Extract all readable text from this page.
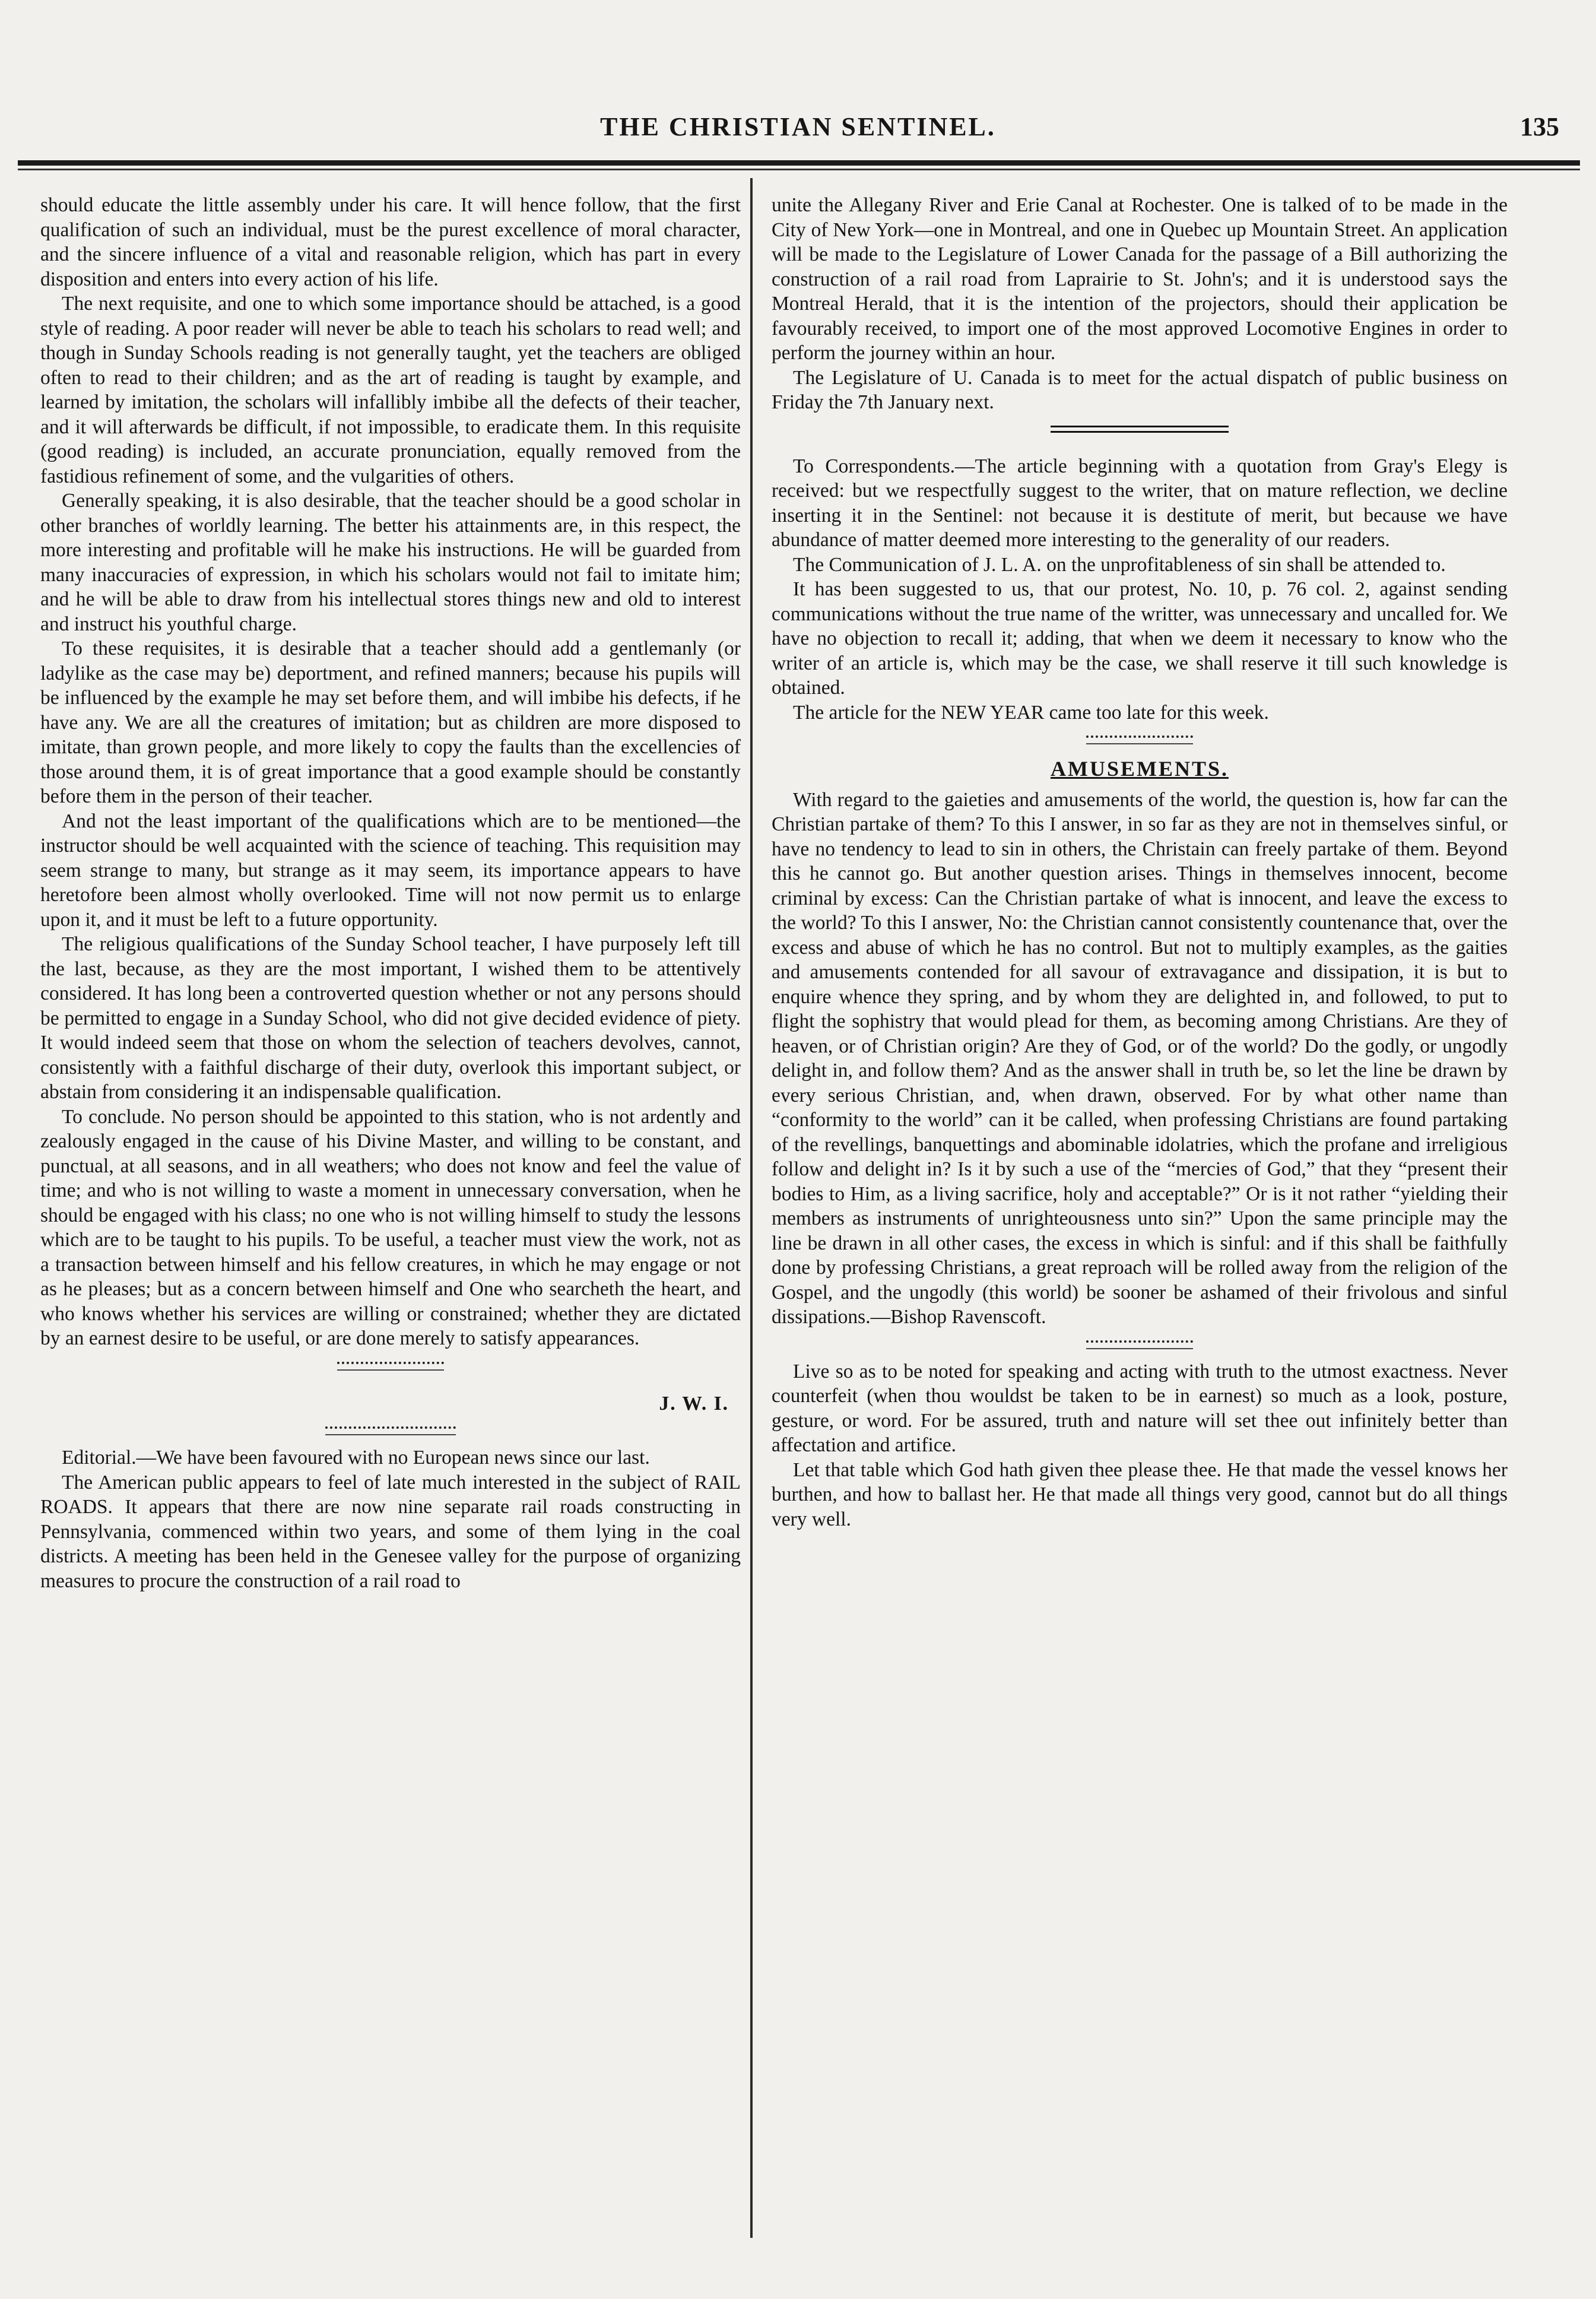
THE CHRISTIAN SENTINEL.	135

should educate the little assembly under his care. It will hence follow, that the first qualification of such an individual, must be the purest excellence of moral character, and the sincere influence of a vital and reasonable religion, which has part in every disposition and enters into every action of his life.

The next requisite, and one to which some importance should be attached, is a good style of reading. A poor reader will never be able to teach his scholars to read well; and though in Sunday Schools reading is not generally taught, yet the teachers are obliged often to read to their children; and as the art of reading is taught by example, and learned by imitation, the scholars will infallibly imbibe all the defects of their teacher, and it will afterwards be difficult, if not impossible, to eradicate them. In this requisite (good reading) is included, an accurate pronunciation, equally removed from the fastidious refinement of some, and the vulgarities of others.

Generally speaking, it is also desirable, that the teacher should be a good scholar in other branches of worldly learning. The better his attainments are, in this respect, the more interesting and profitable will he make his instructions. He will be guarded from many inaccuracies of expression, in which his scholars would not fail to imitate him; and he will be able to draw from his intellectual stores things new and old to interest and instruct his youthful charge.

To these requisites, it is desirable that a teacher should add a gentlemanly (or ladylike as the case may be) deportment, and refined manners; because his pupils will be influenced by the example he may set before them, and will imbibe his defects, if he have any. We are all the creatures of imitation; but as children are more disposed to imitate, than grown people, and more likely to copy the faults than the excellencies of those around them, it is of great importance that a good example should be constantly before them in the person of their teacher.

And not the least important of the qualifications which are to be mentioned—the instructor should be well acquainted with the science of teaching. This requisition may seem strange to many, but strange as it may seem, its importance appears to have heretofore been almost wholly overlooked. Time will not now permit us to enlarge upon it, and it must be left to a future opportunity.

The religious qualifications of the Sunday School teacher, I have purposely left till the last, because, as they are the most important, I wished them to be attentively considered. It has long been a controverted question whether or not any persons should be permitted to engage in a Sunday School, who did not give decided evidence of piety. It would indeed seem that those on whom the selection of teachers devolves, cannot, consistently with a faithful discharge of their duty, overlook this important subject, or abstain from considering it an indispensable qualification.

To conclude. No person should be appointed to this station, who is not ardently and zealously engaged in the cause of his Divine Master, and willing to be constant, and punctual, at all seasons, and in all weathers; who does not know and feel the value of time; and who is not willing to waste a moment in unnecessary conversation, when he should be engaged with his class; no one who is not willing himself to study the lessons which are to be taught to his pupils. To be useful, a teacher must view the work, not as a transaction between himself and his fellow creatures, in which he may engage or not as he pleases; but as a concern between himself and One who searcheth the heart, and who knows whether his services are willing or constrained; whether they are dictated by an earnest desire to be useful, or are done merely to satisfy appearances.

J. W. I.

Editorial.—We have been favoured with no European news since our last.

The American public appears to feel of late much interested in the subject of RAIL ROADS. It appears that there are now nine separate rail roads constructing in Pennsylvania, commenced within two years, and some of them lying in the coal districts. A meeting has been held in the Genesee valley for the purpose of organizing measures to procure the construction of a rail road to

unite the Allegany River and Erie Canal at Rochester. One is talked of to be made in the City of New York—one in Montreal, and one in Quebec up Mountain Street. An application will be made to the Legislature of Lower Canada for the passage of a Bill authorizing the construction of a rail road from Laprairie to St. John's; and it is understood says the Montreal Herald, that it is the intention of the projectors, should their application be favourably received, to import one of the most approved Locomotive Engines in order to perform the journey within an hour.

The Legislature of U. Canada is to meet for the actual dispatch of public business on Friday the 7th January next.

To Correspondents.—The article beginning with a quotation from Gray's Elegy is received: but we respectfully suggest to the writer, that on mature reflection, we decline inserting it in the Sentinel: not because it is destitute of merit, but because we have abundance of matter deemed more interesting to the generality of our readers.

The Communication of J. L. A. on the unprofitableness of sin shall be attended to.

It has been suggested to us, that our protest, No. 10, p. 76 col. 2, against sending communications without the true name of the writter, was unnecessary and uncalled for. We have no objection to recall it; adding, that when we deem it necessary to know who the writer of an article is, which may be the case, we shall reserve it till such knowledge is obtained.

The article for the NEW YEAR came too late for this week.

AMUSEMENTS.

With regard to the gaieties and amusements of the world, the question is, how far can the Christian partake of them? To this I answer, in so far as they are not in themselves sinful, or have no tendency to lead to sin in others, the Christain can freely partake of them. Beyond this he cannot go. But another question arises. Things in themselves innocent, become criminal by excess: Can the Christian partake of what is innocent, and leave the excess to the world? To this I answer, No: the Christian cannot consistently countenance that, over the excess and abuse of which he has no control. But not to multiply examples, as the gaities and amusements contended for all savour of extravagance and dissipation, it is but to enquire whence they spring, and by whom they are delighted in, and followed, to put to flight the sophistry that would plead for them, as becoming among Christians. Are they of heaven, or of Christian origin? Are they of God, or of the world? Do the godly, or ungodly delight in, and follow them? And as the answer shall in truth be, so let the line be drawn by every serious Christian, and, when drawn, observed. For by what other name than “conformity to the world” can it be called, when professing Christians are found partaking of the revellings, banquettings and abominable idolatries, which the profane and irreligious follow and delight in? Is it by such a use of the “mercies of God,” that they “present their bodies to Him, as a living sacrifice, holy and acceptable?” Or is it not rather “yielding their members as instruments of unrighteousness unto sin?” Upon the same principle may the line be drawn in all other cases, the excess in which is sinful: and if this shall be faithfully done by professing Christians, a great reproach will be rolled away from the religion of the Gospel, and the ungodly (this world) be sooner be ashamed of their frivolous and sinful dissipations.—Bishop Ravenscoft.

Live so as to be noted for speaking and acting with truth to the utmost exactness. Never counterfeit (when thou wouldst be taken to be in earnest) so much as a look, posture, gesture, or word. For be assured, truth and nature will set thee out infinitely better than affectation and artifice.

Let that table which God hath given thee please thee. He that made the vessel knows her burthen, and how to ballast her. He that made all things very good, cannot but do all things very well.
